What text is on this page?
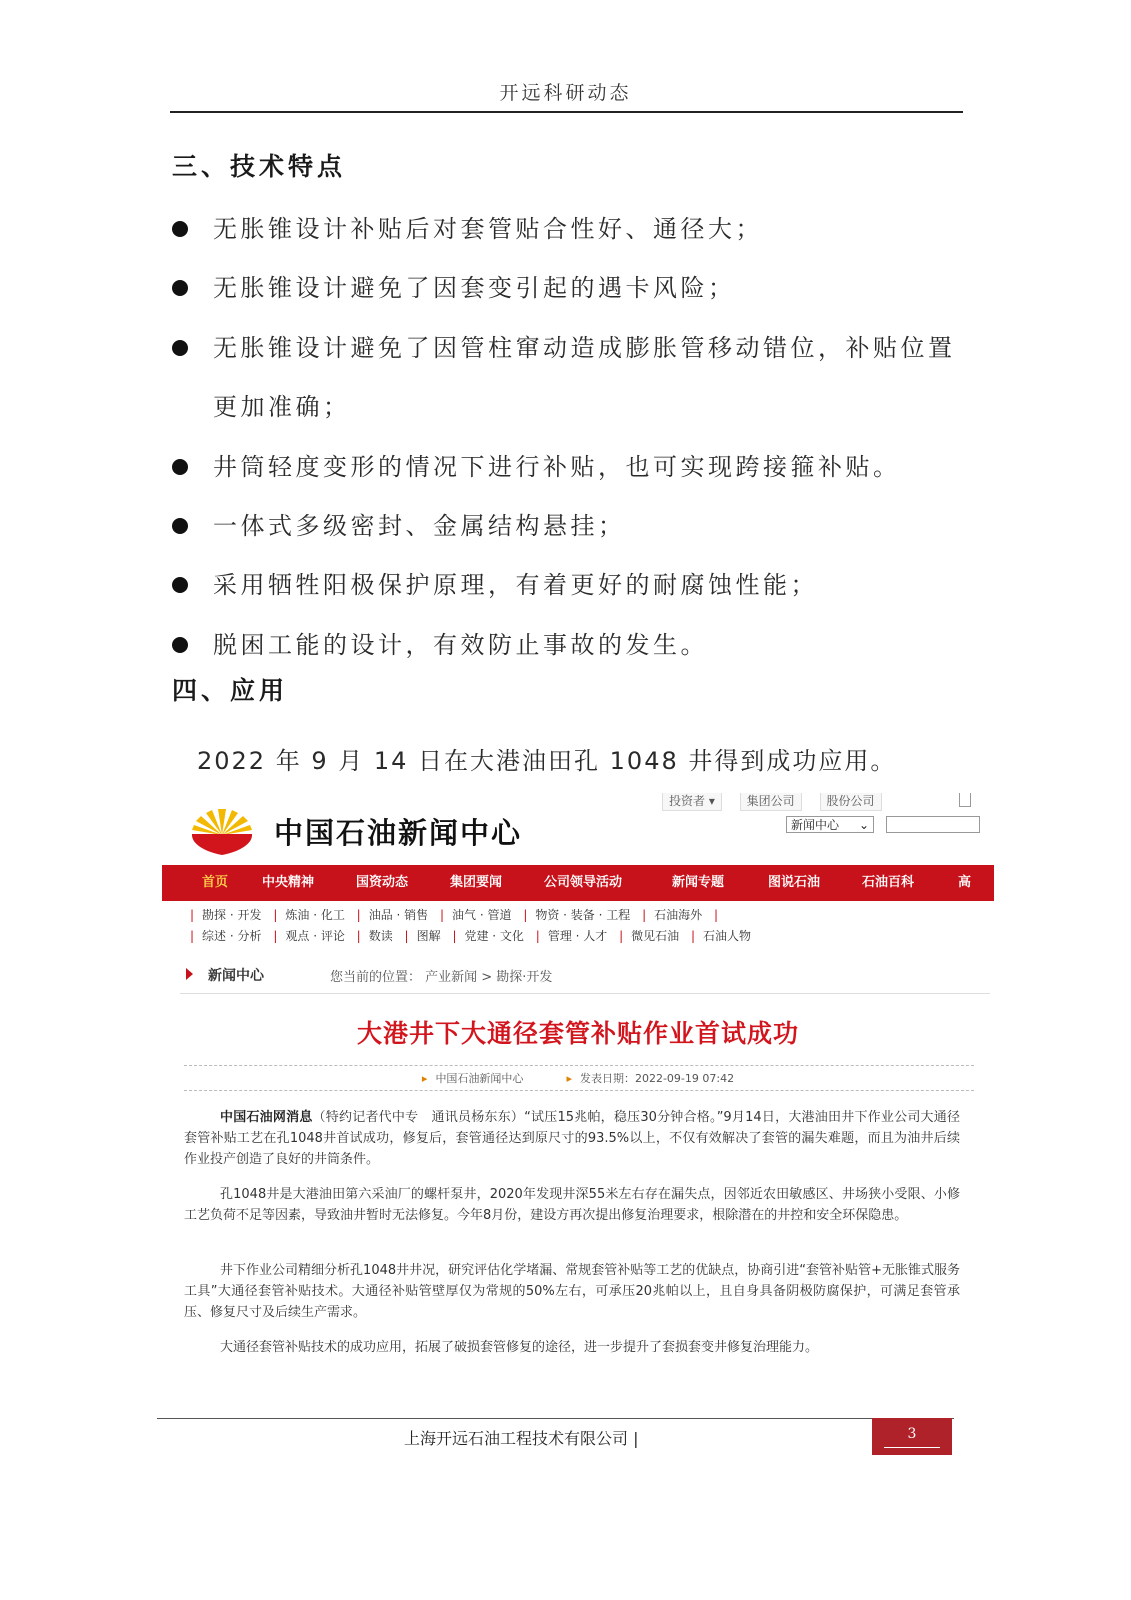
开远科研动态
三、技术特点
无胀锥设计补贴后对套管贴合性好、通径大；
无胀锥设计避免了因套变引起的遇卡风险；
无胀锥设计避免了因管柱窜动造成膨胀管移动错位，补贴位置更加准确；
井筒轻度变形的情况下进行补贴，也可实现跨接箍补贴。
一体式多级密封、金属结构悬挂；
采用牺牲阳极保护原理，有着更好的耐腐蚀性能；
脱困工能的设计，有效防止事故的发生。
四、应用
2022 年 9 月 14 日在大港油田孔 1048 井得到成功应用。
中国石油新闻中心
投资者 ▾	集团公司	股份公司
新闻中心 ⌄
首页	中央精神	国资动态	集团要闻	公司领导活动	新闻专题	图说石油	石油百科	高
| 勘探 · 开发 | 炼油 · 化工 | 油品 · 销售 | 油气 · 管道 | 物资 · 装备 · 工程 | 石油海外 |
| 综述 · 分析 | 观点 · 评论 | 数读 | 图解 | 党建 · 文化 | 管理 · 人才 | 微见石油 | 石油人物
新闻中心	您当前的位置： 产业新闻 > 勘探·开发
大港井下大通径套管补贴作业首试成功
▸ 中国石油新闻中心	▸ 发表日期：2022-09-19 07:42
中国石油网消息（特约记者代中专　通讯员杨东东）“试压15兆帕，稳压30分钟合格。”9月14日，大港油田井下作业公司大通径套管补贴工艺在孔1048井首试成功，修复后，套管通径达到原尺寸的93.5%以上，不仅有效解决了套管的漏失难题，而且为油井后续作业投产创造了良好的井筒条件。
孔1048井是大港油田第六采油厂的螺杆泵井，2020年发现井深55米左右存在漏失点，因邻近农田敏感区、井场狭小受限、小修工艺负荷不足等因素，导致油井暂时无法修复。今年8月份，建设方再次提出修复治理要求，根除潜在的井控和安全环保隐患。
井下作业公司精细分析孔1048井井况，研究评估化学堵漏、常规套管补贴等工艺的优缺点，协商引进“套管补贴管+无胀锥式服务工具”大通径套管补贴技术。大通径补贴管壁厚仅为常规的50%左右，可承压20兆帕以上，且自身具备阴极防腐保护，可满足套管承压、修复尺寸及后续生产需求。
大通径套管补贴技术的成功应用，拓展了破损套管修复的途径，进一步提升了套损套变井修复治理能力。
上海开远石油工程技术有限公司 |	3
